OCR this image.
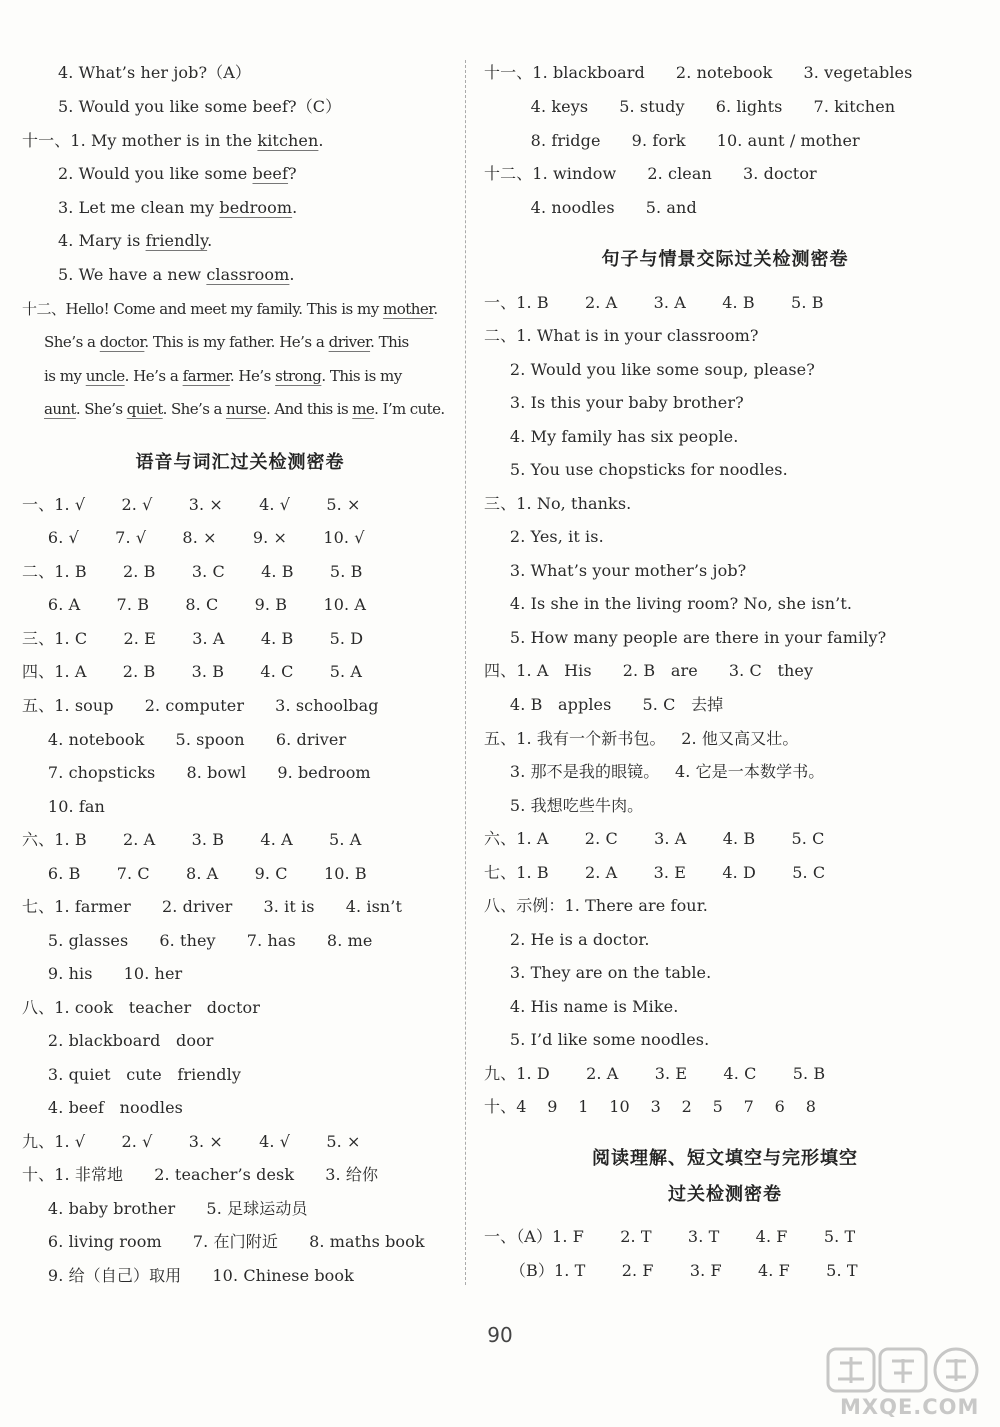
4. What’s her job?（A）
5. Would you like some beef?（C）
十一、1. My mother is in the kitchen.
2. Would you like some beef?
3. Let me clean my bedroom.
4. Mary is friendly.
5. We have a new classroom.
十二、Hello! Come and meet my family. This is my mother.
She’s a doctor. This is my father. He’s a driver. This
is my uncle. He’s a farmer. He’s strong. This is my
aunt. She’s quiet. She’s a nurse. And this is me. I’m cute.
语音与词汇过关检测密卷
一、1. √       2. √       3. ×       4. √       5. ×
6. √       7. √       8. ×       9. ×       10. √
二、1. B       2. B       3. C       4. B       5. B
6. A       7. B       8. C       9. B       10. A
三、1. C       2. E       3. A       4. B       5. D
四、1. A       2. B       3. B       4. C       5. A
五、1. soup      2. computer      3. schoolbag
4. notebook      5. spoon      6. driver
7. chopsticks      8. bowl      9. bedroom
10. fan
六、1. B       2. A       3. B       4. A       5. A
6. B       7. C       8. A       9. C       10. B
七、1. farmer      2. driver      3. it is      4. isn’t
5. glasses      6. they      7. has      8. me
9. his      10. her
八、1. cook   teacher   doctor
2. blackboard   door
3. quiet   cute   friendly
4. beef   noodles
九、1. √       2. √       3. ×       4. √       5. ×
十、1. 非常地      2. teacher’s desk      3. 给你
4. baby brother      5. 足球运动员
6. living room      7. 在门附近      8. maths book
9. 给（自己）取用      10. Chinese book
十一、1. blackboard      2. notebook      3. vegetables
4. keys      5. study      6. lights      7. kitchen
8. fridge      9. fork      10. aunt / mother
十二、1. window      2. clean      3. doctor
4. noodles      5. and
句子与情景交际过关检测密卷
一、1. B       2. A       3. A       4. B       5. B
二、1. What is in your classroom?
2. Would you like some soup, please?
3. Is this your baby brother?
4. My family has six people.
5. You use chopsticks for noodles.
三、1. No, thanks.
2. Yes, it is.
3. What’s your mother’s job?
4. Is she in the living room? No, she isn’t.
5. How many people are there in your family?
四、1. A   His      2. B   are      3. C   they
4. B   apples      5. C   去掉
五、1. 我有一个新书包。   2. 他又高又壮。
3. 那不是我的眼镜。   4. 它是一本数学书。
5. 我想吃些牛肉。
六、1. A       2. C       3. A       4. B       5. C
七、1. B       2. A       3. E       4. D       5. C
八、示例：1. There are four.
2. He is a doctor.
3. They are on the table.
4. His name is Mike.
5. I’d like some noodles.
九、1. D       2. A       3. E       4. C       5. B
十、4    9    1    10    3    2    5    7    6    8
阅读理解、短文填空与完形填空
过关检测密卷
一、（A）1. F       2. T       3. T       4. F       5. T
（B）1. T       2. F       3. F       4. F       5. T
90
MXQE.COM
